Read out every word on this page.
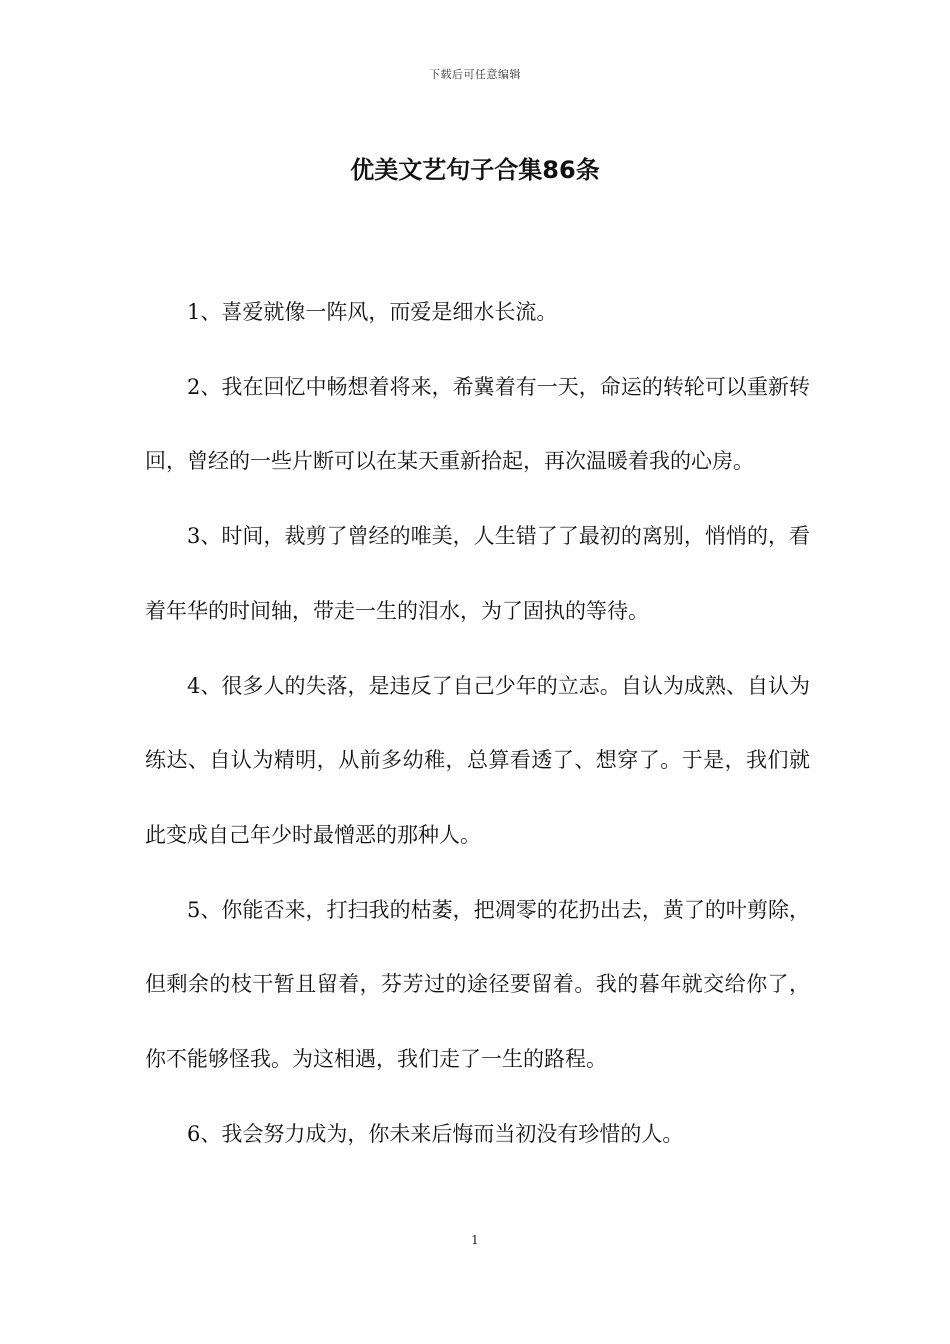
下载后可任意编辑
优美文艺句子合集86条

1、喜爱就像一阵风，而爱是细水长流。

2、我在回忆中畅想着将来，希冀着有一天，命运的转轮可以重新转回，曾经的一些片断可以在某天重新拾起，再次温暖着我的心房。

3、时间，裁剪了曾经的唯美，人生错了了最初的离别，悄悄的，看着年华的时间轴，带走一生的泪水，为了固执的等待。

4、很多人的失落，是违反了自己少年的立志。自认为成熟、自认为练达、自认为精明，从前多幼稚，总算看透了、想穿了。于是，我们就此变成自己年少时最憎恶的那种人。

5、你能否来，打扫我的枯萎，把凋零的花扔出去，黄了的叶剪除，但剩余的枝干暂且留着，芬芳过的途径要留着。我的暮年就交给你了，你不能够怪我。为这相遇，我们走了一生的路程。

6、我会努力成为，你未来后悔而当初没有珍惜的人。

1
